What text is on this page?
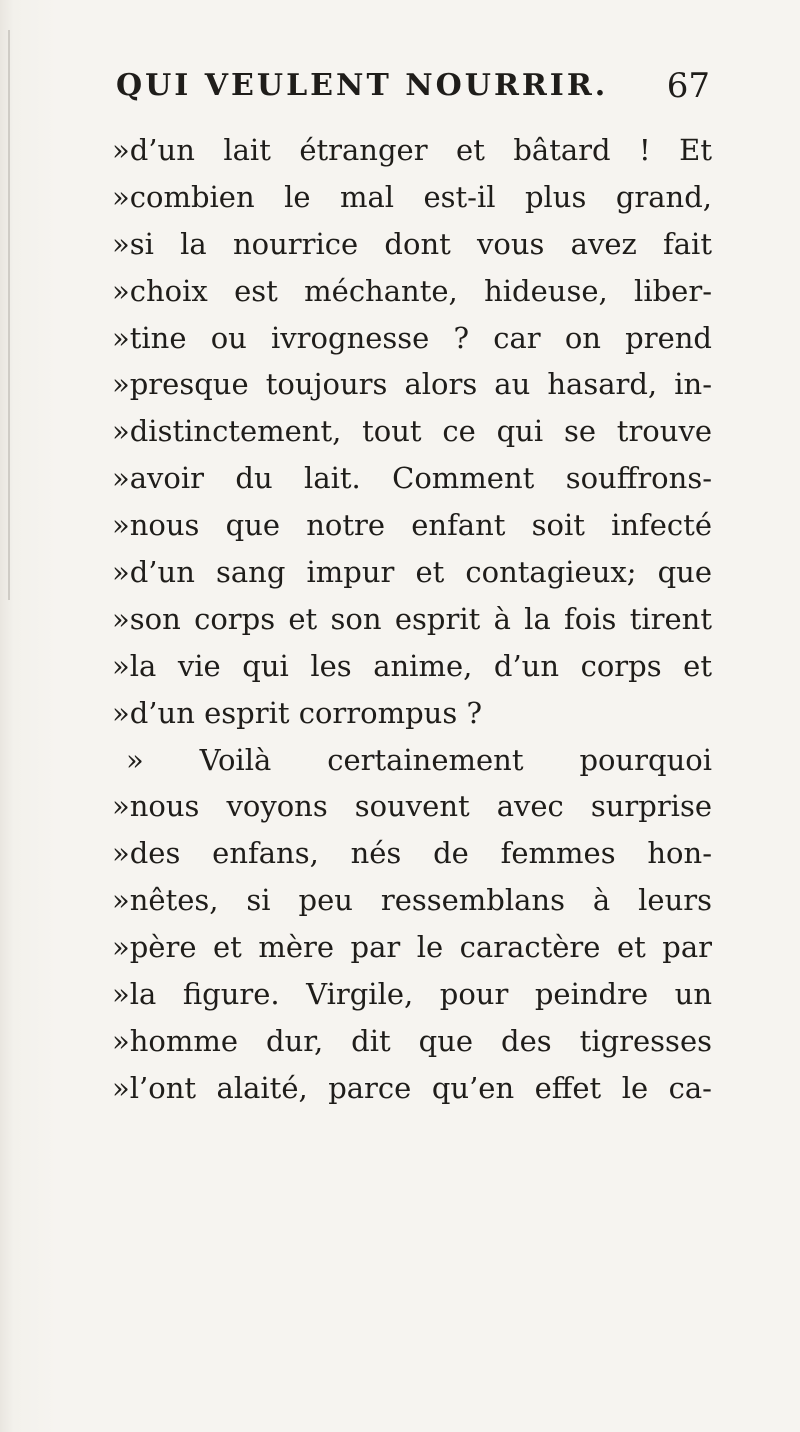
QUI VEULENT NOURRIR. 67
»d’un lait étranger et bâtard ! Et
»combien le mal est-il plus grand,
»si la nourrice dont vous avez fait
»choix est méchante, hideuse, liber-
»tine ou ivrognesse ? car on prend
»presque toujours alors au hasard, in-
»distinctement, tout ce qui se trouve
»avoir du lait. Comment souffrons-
»nous que notre enfant soit infecté
»d’un sang impur et contagieux; que
»son corps et son esprit à la fois tirent
»la vie qui les anime, d’un corps et
»d’un esprit corrompus ?
» Voilà certainement pourquoi
»nous voyons souvent avec surprise
»des enfans, nés de femmes hon-
»nêtes, si peu ressemblans à leurs
»père et mère par le caractère et par
»la figure. Virgile, pour peindre un
»homme dur, dit que des tigresses
»l’ont alaité, parce qu’en effet le ca-
